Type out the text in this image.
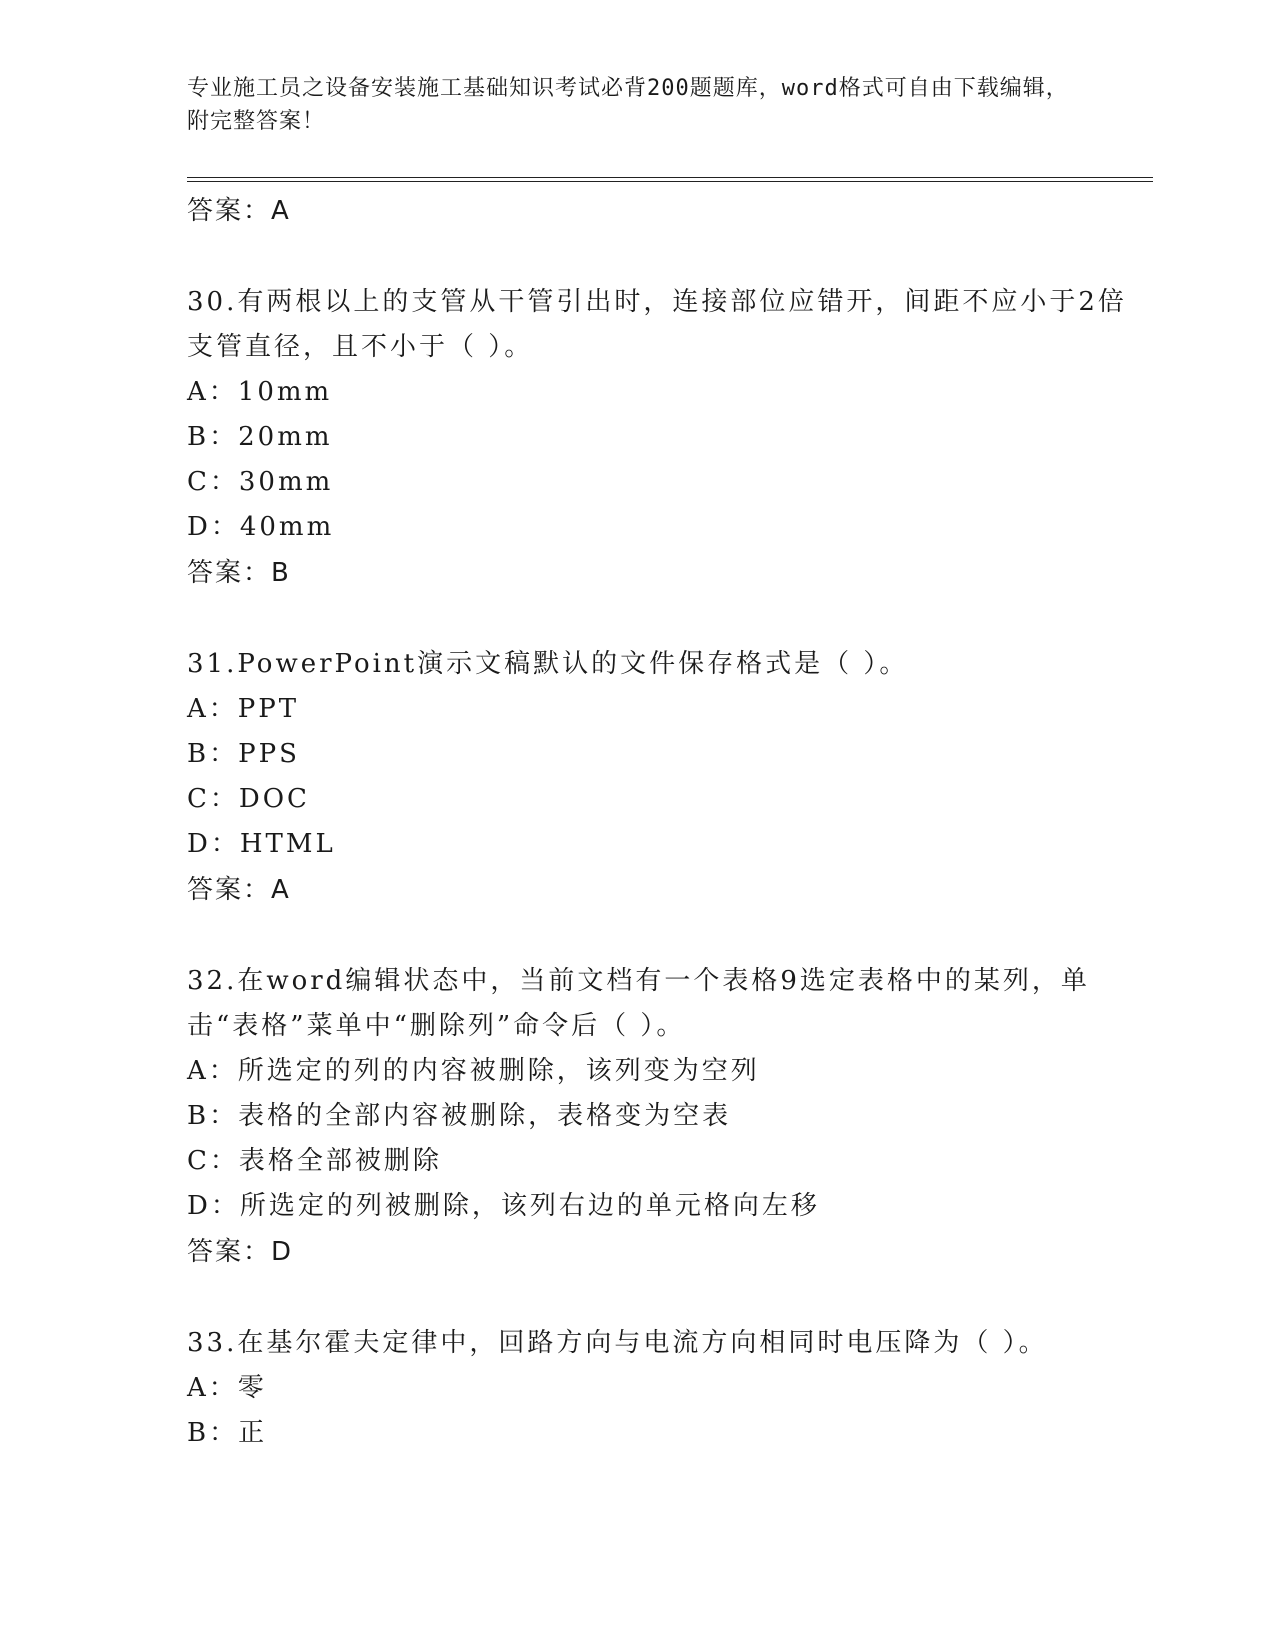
专业施工员之设备安装施工基础知识考试必背200题题库，word格式可自由下载编辑，附完整答案！
答案：A
30.有两根以上的支管从干管引出时，连接部位应错开，间距不应小于2倍支管直径，且不小于（ ）。
A：10mm
B：20mm
C：30mm
D：40mm
答案：B
31.PowerPoint演示文稿默认的文件保存格式是（ ）。
A：PPT
B：PPS
C：DOC
D：HTML
答案：A
32.在word编辑状态中，当前文档有一个表格9选定表格中的某列，单击“表格”菜单中“删除列”命令后（ ）。
A：所选定的列的内容被删除，该列变为空列
B：表格的全部内容被删除，表格变为空表
C：表格全部被删除
D：所选定的列被删除，该列右边的单元格向左移
答案：D
33.在基尔霍夫定律中，回路方向与电流方向相同时电压降为（ ）。
A：零
B：正
